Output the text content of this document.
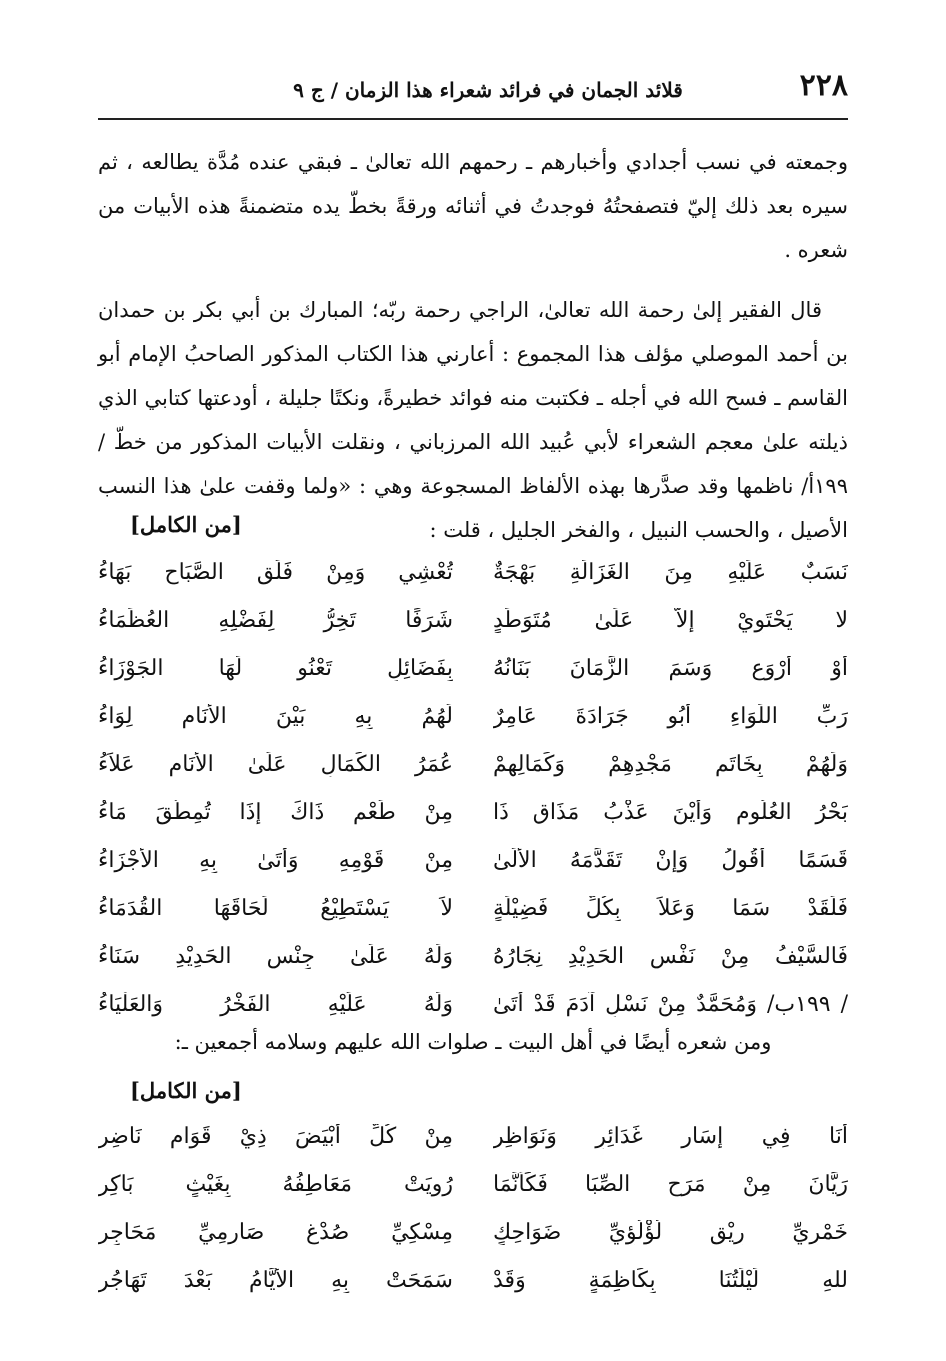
٢٢٨
قلائد الجمان في فرائد شعراء هذا الزمان / ج ٩

وجمعته في نسب أجدادي وأخبارهم ـ رحمهم الله تعالىٰ ـ فبقي عنده مُدَّة يطالعه ، ثم سيره بعد ذلك إليّ فتصفحتُهُ فوجدتُ في أثنائه ورقةً بخطّ يده متضمنةً هذه الأبيات من شعره .

قال الفقير إلىٰ رحمة الله تعالىٰ، الراجي رحمة ربّه؛ المبارك بن أبي بكر بن حمدان بن أحمد الموصلي مؤلف هذا المجموع : أعارني هذا الكتاب المذكور الصاحبُ الإمام أبو القاسم ـ فسح الله في أجله ـ فكتبت منه فوائد خطيرةً، ونكتًا جليلة ، أودعتها كتابي الذي ذيلته علىٰ معجم الشعراء لأبي عُبيد الله المرزباني ، ونقلت الأبيات المذكور من خطّ / ١٩٩أ/ ناظمها وقد صدَّرها بهذه الألفاظ المسجوعة وهي : «ولما وقفت علىٰ هذا النسب الأصيل ، والحسب النبيل ، والفخر الجليل ، قلت :

[من الكامل]
نَسَبٌ عَلَيْهِ مِنَ الغَزَالَةِ بَهْجَةٌ
تُعْشِي وَمِنْ فَلَقِ الصَّبَاحِ بَهَاءُ
لا يَحْتَوِيْ إلاَّ عَلَىٰ مُتَوَطِّدٍ
شَرَفًا تَخِرُّ لِفَضْلِهِ العُظَمَاءُ
أَوْ أَرْوَعٍ وَسَمَ الزَّمَانَ بَنَانُهُ
بِفَضَائِلٍ تَعْنُو لَهَا الجَوْزَاءُ
رَبِّ اللِّوَاءِ أُبُو جَرَادَةَ عَامِرٌ
لَهُمُ بِهِ بَيْنَ الأَنَامِ لِوَاءُ
وَلَهُمْ بِخَاتَمِ مَجْدِهِمْ وَكَمَالِهِمْ
عُمَرُ الكَمَالِ عَلَىٰ الأَنَامِ عَلاَءُ
بَحْرُ العُلُومِ وَأَيْنَ عَذْبُ مَذَاقِ ذَا
مِنْ طَعْمِ ذَاكَ إِذَا تُمِطُّقَ مَاءُ
قَسَمًا أَقُولُ وَإِنْ تَقَدَّمَهُ الأُلَىٰ
مِنْ قَوْمِهِ وَأَتَىٰ بِهِ الأَجْزَاءُ
فَلَقَدْ سَمَا وَعَلاَ بِكُلِّ فَضِيْلَةٍ
لاَ يَسْتَطِيْعُ لَحَاقَهَا القُدَمَاءُ
فَالسَّيْفُ مِنْ نَفْسِ الحَدِيْدِ نِجَارُهُ
وَلَهُ عَلَىٰ جِنْسِ الحَدِيْدِ سَنَاءُ
/ ١٩٩ب/ وَمُحَمَّدٌ مِنْ نَسْلِ آدَمَ قَدْ أَتَىٰ
وَلَهُ عَلَيْهِ الفَخْرُ وَالعَلْيَاءُ
ومن شعره أيضًا في أهل البيت ـ صلوات الله عليهم وسلامه أجمعين ـ:
[من الكامل]
أَنَا فِي إِسَارِ غَدَائِرٍ وَنَوَاظِرِ
مِنْ كُلِّ أَبْيَضَ ذِيْ قَوَامٍ نَاضِرِ
رَيَّانَ مِنْ مَرَحِ الصِّبَا فَكَأَنَّمَا
رُوِيَتْ مَعَاطِفُهُ بِغَيْثٍ بَاكِرِ
خَمْرِيِّ رِيْقٍ لُؤْلُؤِيِّ ضَوَاحِكٍ
مِسْكِيِّ صُدْغٍ صَارِمِيِّ مَحَاجِرِ
للهِ لَيْلَتُنَا بِكَاظِمَةٍ وَقَدْ
سَمَحَتْ بِهِ الأَيَّامُ بَعْدَ تَهَاجُرِ
